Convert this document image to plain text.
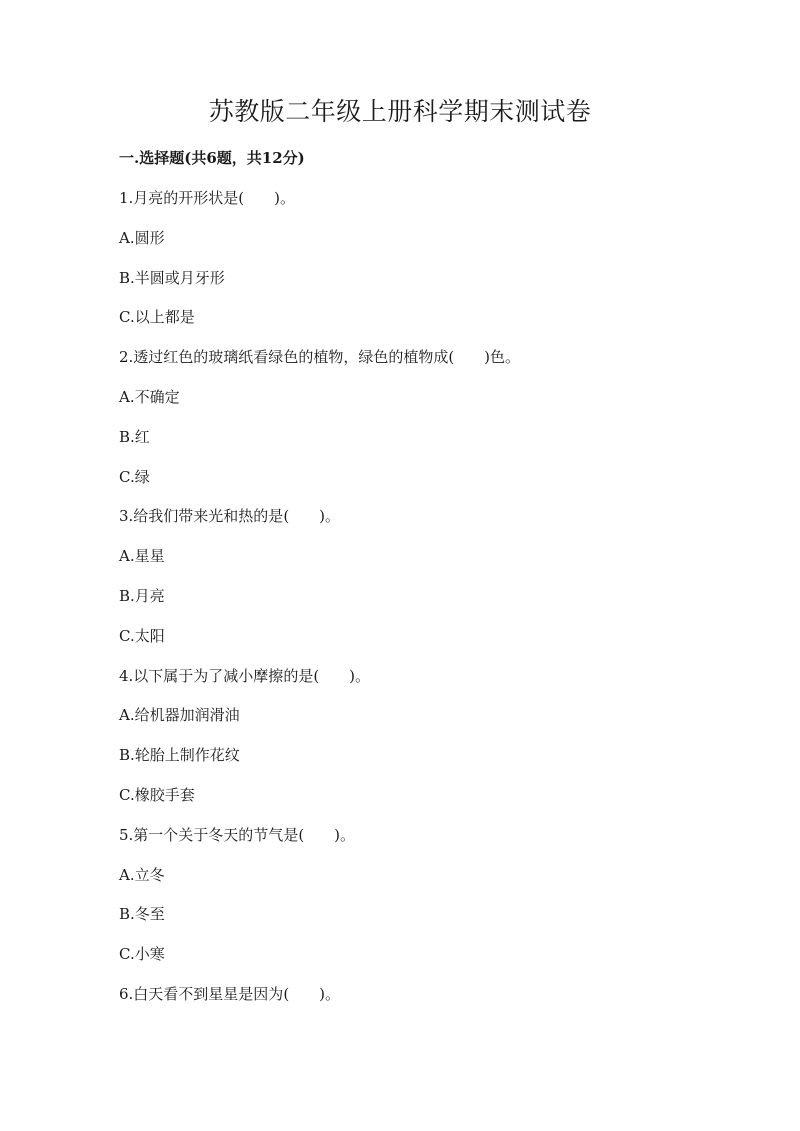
苏教版二年级上册科学期末测试卷
一.选择题(共6题，共12分)
1.月亮的开形状是(　　)。
A.圆形
B.半圆或月牙形
C.以上都是
2.透过红色的玻璃纸看绿色的植物，绿色的植物成(　　)色。
A.不确定
B.红
C.绿
3.给我们带来光和热的是(　　)。
A.星星
B.月亮
C.太阳
4.以下属于为了减小摩擦的是(　　)。
A.给机器加润滑油
B.轮胎上制作花纹
C.橡胶手套
5.第一个关于冬天的节气是(　　)。
A.立冬
B.冬至
C.小寒
6.白天看不到星星是因为(　　)。
